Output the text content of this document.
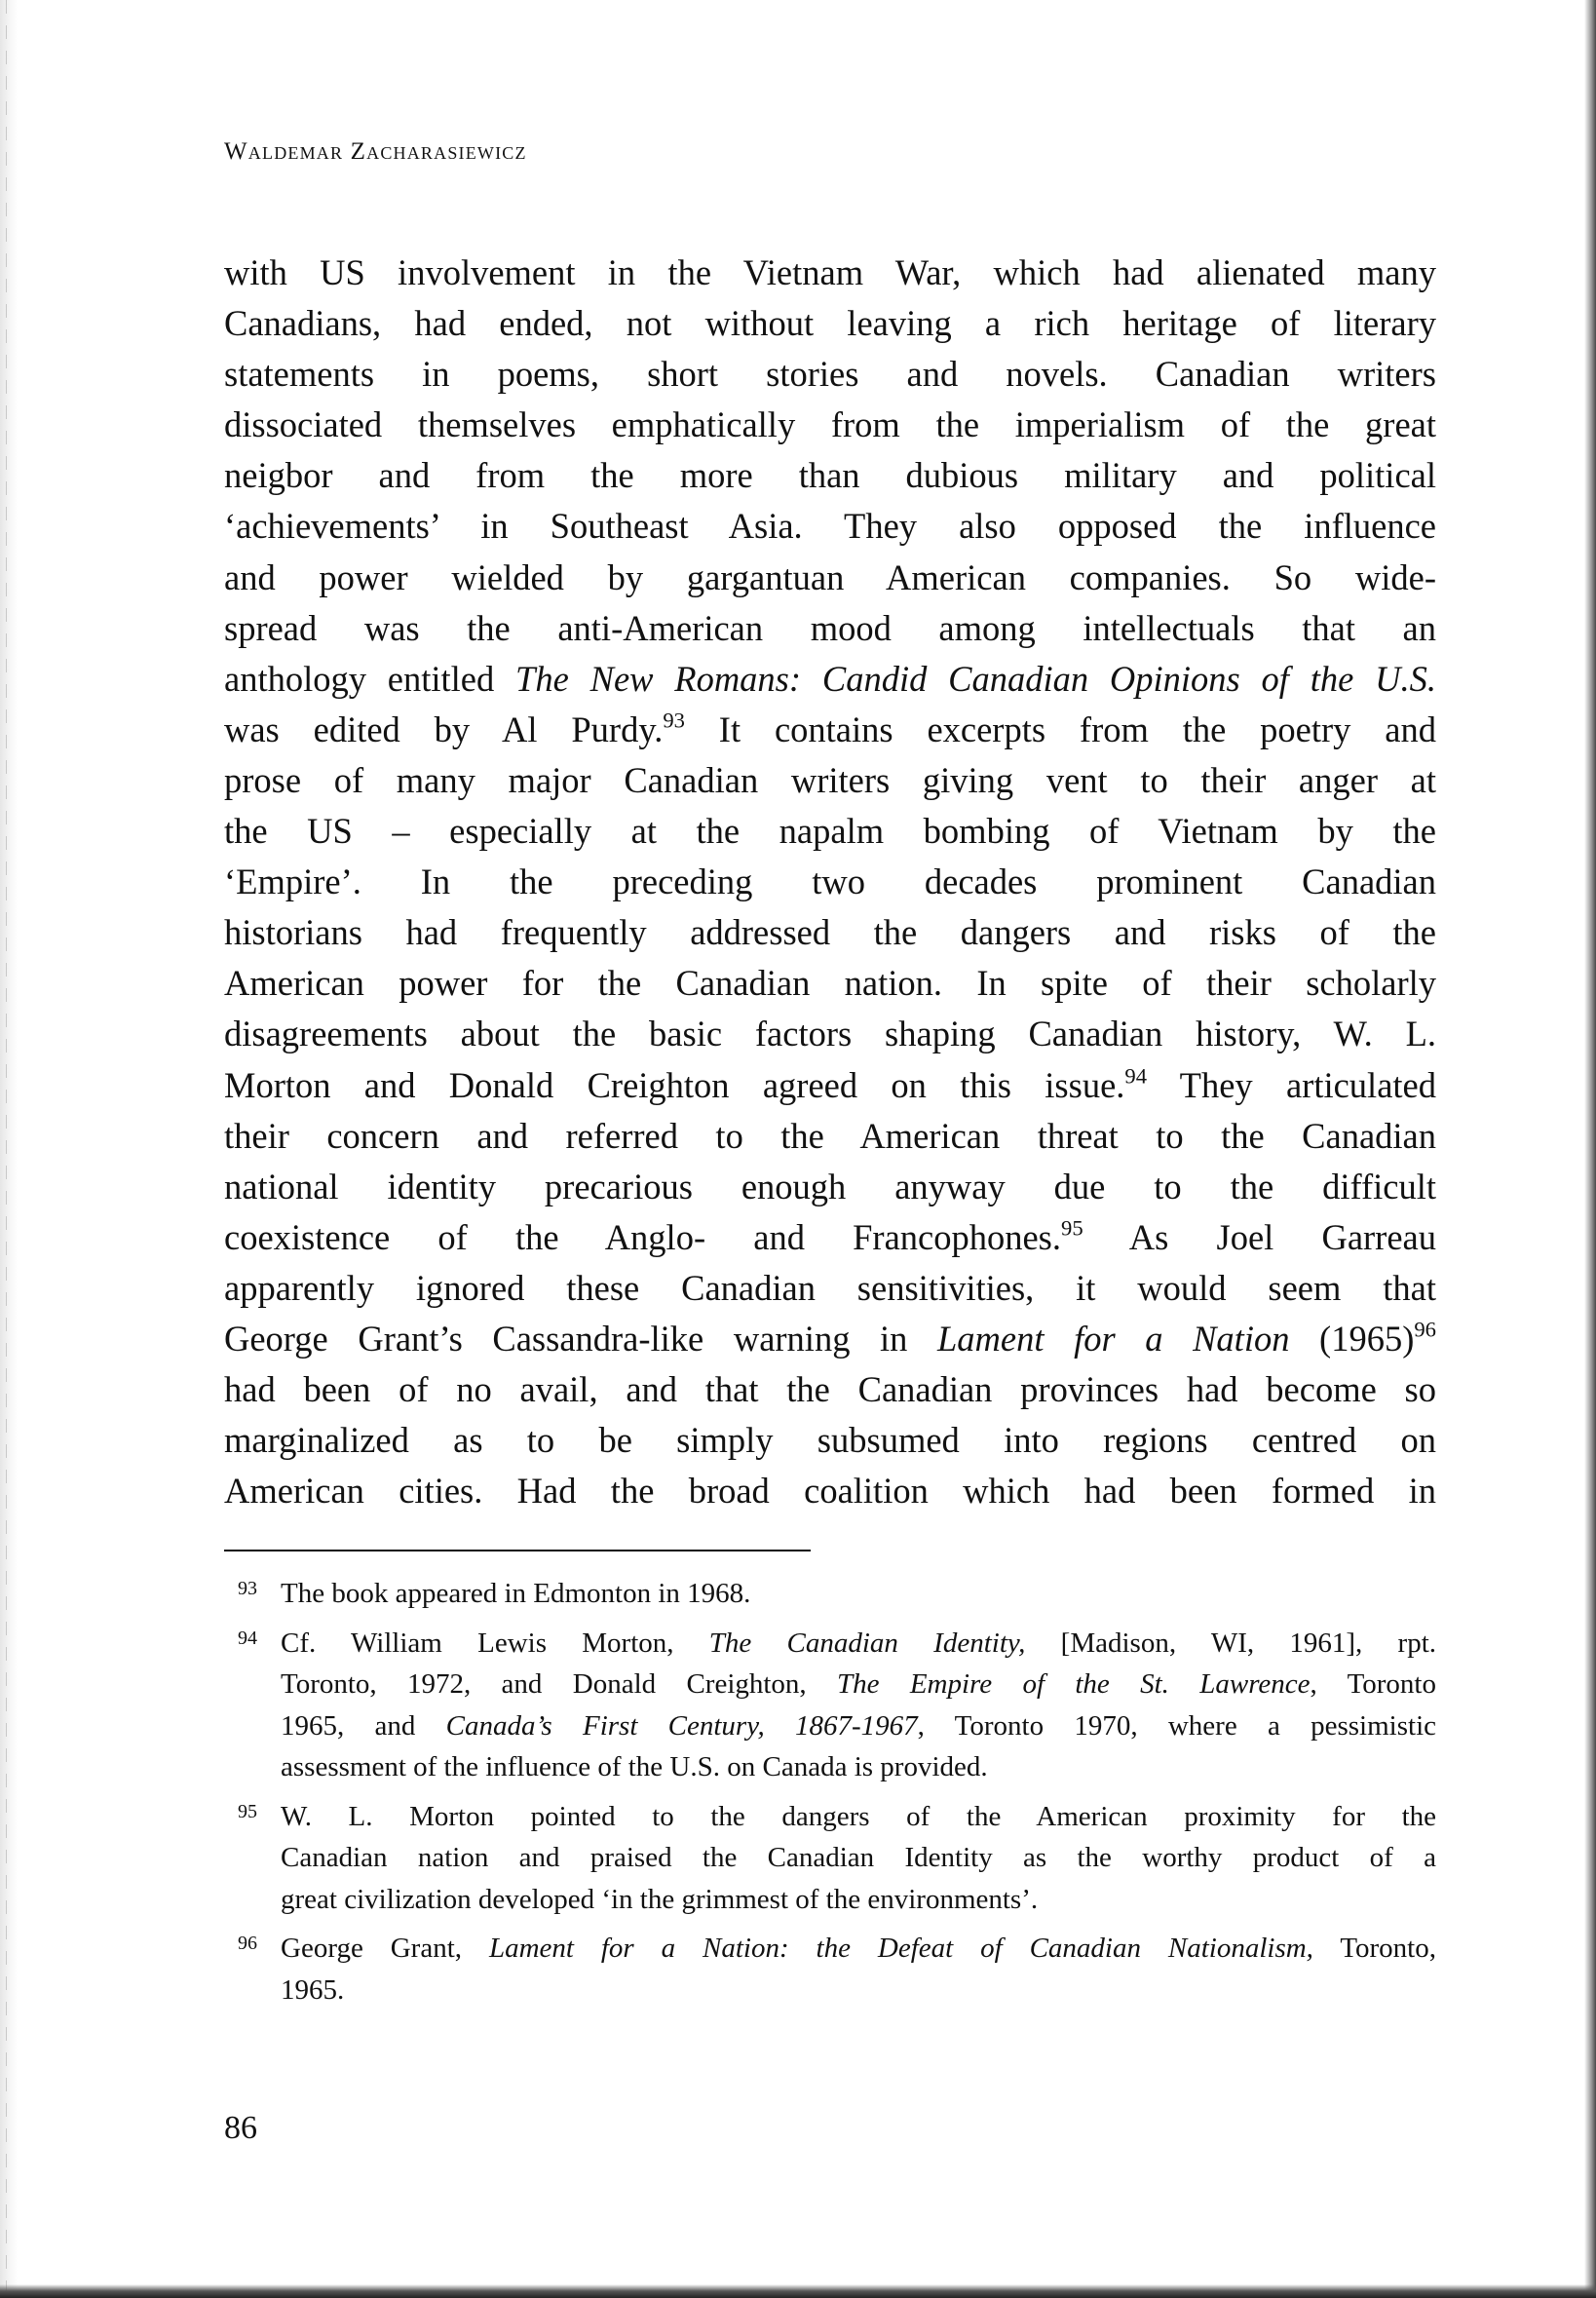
Waldemar Zacharasiewicz
with US involvement in the Vietnam War, which had alienated many
Canadians, had ended, not without leaving a rich heritage of literary
statements in poems, short stories and novels. Canadian writers
dissociated themselves emphatically from the imperialism of the great
neigbor and from the more than dubious military and political
‘achievements’ in Southeast Asia. They also opposed the influence
and power wielded by gargantuan American companies. So wide-
spread was the anti-American mood among intellectuals that an
anthology entitled The New Romans: Candid Canadian Opinions of the U.S.
was edited by Al Purdy.$^{93}$ It contains excerpts from the poetry and
prose of many major Canadian writers giving vent to their anger at
the US – especially at the napalm bombing of Vietnam by the
‘Empire’. In the preceding two decades prominent Canadian
historians had frequently addressed the dangers and risks of the
American power for the Canadian nation. In spite of their scholarly
disagreements about the basic factors shaping Canadian history, W. L.
Morton and Donald Creighton agreed on this issue.$^{94}$ They articulated
their concern and referred to the American threat to the Canadian
national identity precarious enough anyway due to the difficult
coexistence of the Anglo- and Francophones.$^{95}$ As Joel Garreau
apparently ignored these Canadian sensitivities, it would seem that
George Grant’s Cassandra-like warning in Lament for a Nation $(1965)^{96}$
had been of no avail, and that the Canadian provinces had become so
marginalized as to be simply subsumed into regions centred on
American cities. Had the broad coalition which had been formed in
93 The book appeared in Edmonton in 1968.
94 Cf. William Lewis Morton, The Canadian Identity, [Madison, WI, 1961], rpt.
Toronto, 1972, and Donald Creighton, The Empire of the St. Lawrence, Toronto
1965, and Canada’s First Century, 1867-1967, Toronto 1970, where a pessimistic
assessment of the influence of the U.S. on Canada is provided.
95 W. L. Morton pointed to the dangers of the American proximity for the
Canadian nation and praised the Canadian Identity as the worthy product of a
great civilization developed ‘in the grimmest of the environments’.
96 George Grant, Lament for a Nation: the Defeat of Canadian Nationalism, Toronto,
1965.
86
